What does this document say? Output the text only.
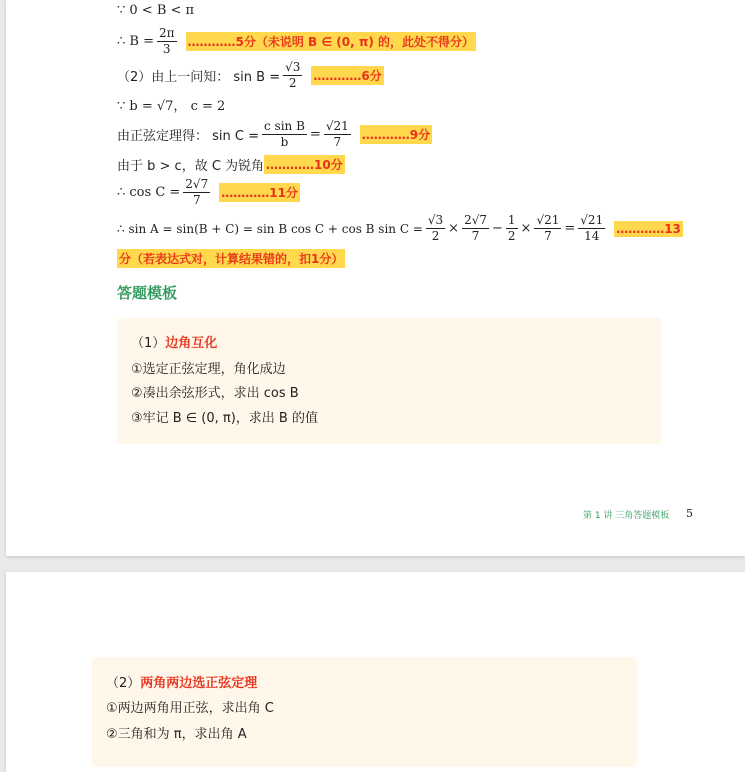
∵ 0 < B < π
∴ $B = \frac{2\pi}{3}$ …………5分（未说明 B ∈ (0, π) 的，此处不得分）
（2）由上一问知： $\sin B = \frac{√3}{2}$ …………6分
∵ b = √7， c = 2
由正弦定理得： $\sin C = \frac{\text{c sin B}}{b} = \frac{√21}{7}$ …………9分
由于 b > c，故 C 为锐角 …………10分
∴ $\cos C = \frac{2√7}{7}$ …………11分
∴ sin A = sin(B + C) = sin B cos C + cos B $\sin C = \frac{√3}{2} \times \frac{2√7}{7} - \frac{1}{2} \times \frac{√21}{7} = \frac{√21}{14}$ …………13
分（若表达式对，计算结果错的，扣1分）
答题模板
（1）边角互化
①选定正弦定理，角化成边
②凑出余弦形式，求出 cos B
③牢记 B ∈ (0, π)，求出 B 的值
第 1 讲 三角答题模板 5
（2）两角两边选正弦定理
①两边两角用正弦，求出角 C
②三角和为 π，求出角 A
